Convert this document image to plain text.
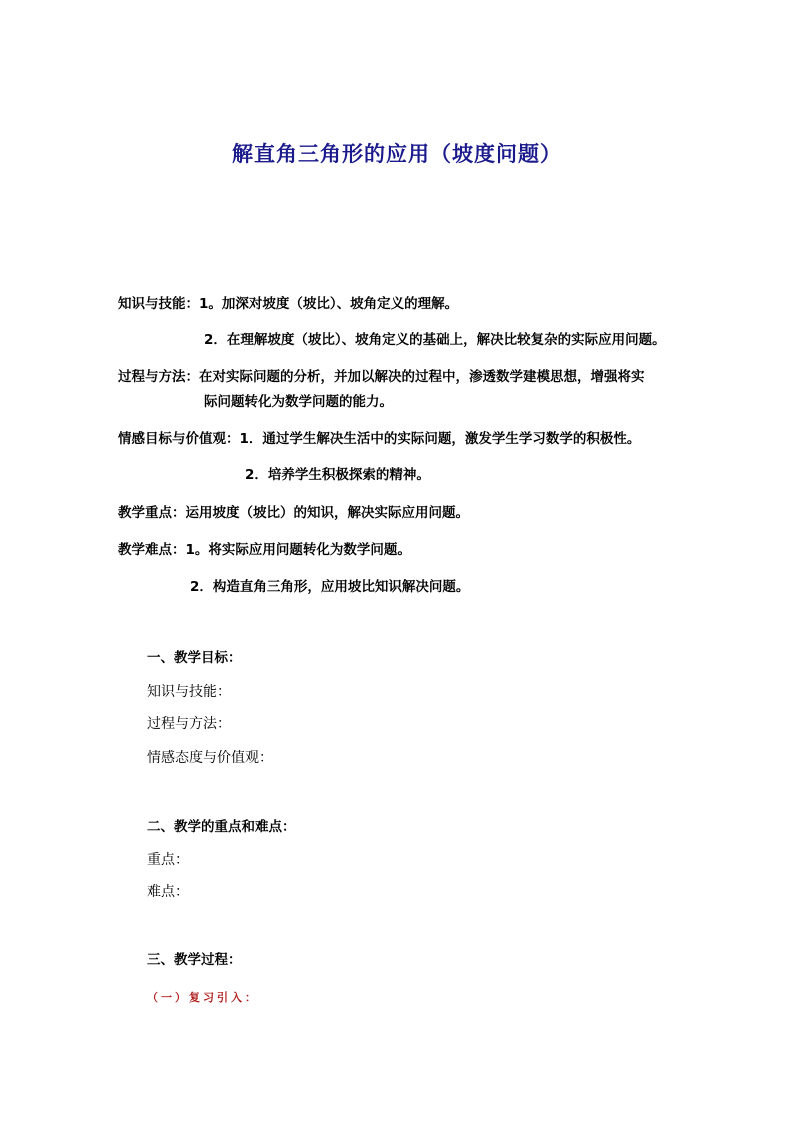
解直角三角形的应用（坡度问题）
知识与技能：1。加深对坡度（坡比）、坡角定义的理解。
2．在理解坡度（坡比）、坡角定义的基础上，解决比较复杂的实际应用问题。
过程与方法：在对实际问题的分析，并加以解决的过程中，渗透数学建模思想，增强将实
际问题转化为数学问题的能力。
情感目标与价值观：1．通过学生解决生活中的实际问题，激发学生学习数学的积极性。
2．培养学生积极探索的精神。
教学重点：运用坡度（坡比）的知识，解决实际应用问题。
教学难点：1。将实际应用问题转化为数学问题。
2．构造直角三角形，应用坡比知识解决问题。
一、教学目标：
知识与技能：
过程与方法：
情感态度与价值观：
二、教学的重点和难点：
重点：
难点：
三、教学过程：
（一）复习引入：
